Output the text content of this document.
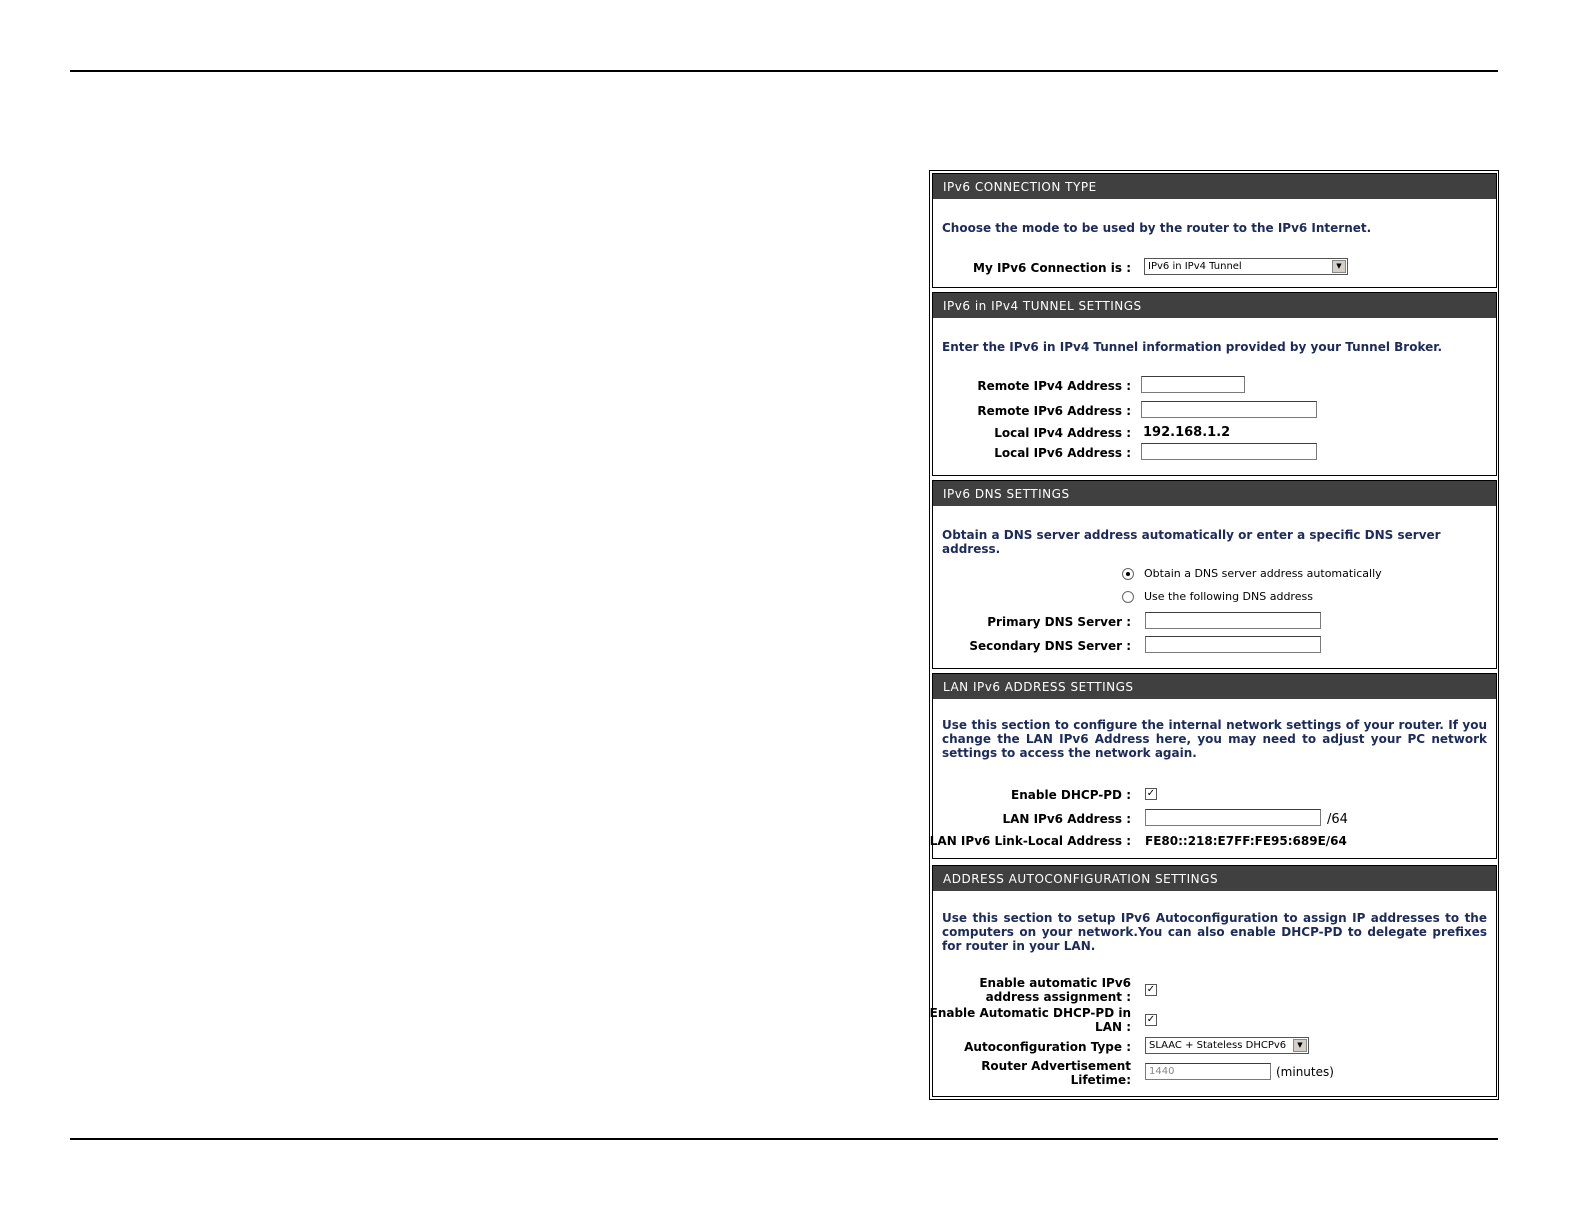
IPv6 CONNECTION TYPE
Choose the mode to be used by the router to the IPv6 Internet.
My IPv6 Connection is :	IPv6 in IPv4 Tunnel	▼
IPv6 in IPv4 TUNNEL SETTINGS
Enter the IPv6 in IPv4 Tunnel information provided by your Tunnel Broker.
Remote IPv4 Address :
Remote IPv6 Address :
Local IPv4 Address : 192.168.1.2
Local IPv6 Address :
IPv6 DNS SETTINGS
Obtain a DNS server address automatically or enter a specific DNS server address.
Obtain a DNS server address automatically
Use the following DNS address
Primary DNS Server :
Secondary DNS Server :
LAN IPv6 ADDRESS SETTINGS
Use this section to configure the internal network settings of your router. If you change the LAN IPv6 Address here, you may need to adjust your PC network settings to access the network again.
Enable DHCP-PD : ✓
LAN IPv6 Address :	/64
LAN IPv6 Link-Local Address : FE80::218:E7FF:FE95:689E/64
ADDRESS AUTOCONFIGURATION SETTINGS
Use this section to setup IPv6 Autoconfiguration to assign IP addresses to the computers on your network.You can also enable DHCP-PD to delegate prefixes for router in your LAN.
Enable automatic IPv6
address assignment :
✓
Enable Automatic DHCP-PD in
LAN :
✓
Autoconfiguration Type :	SLAAC + Stateless DHCPv6	▼
Router Advertisement
Lifetime:
1440	(minutes)
